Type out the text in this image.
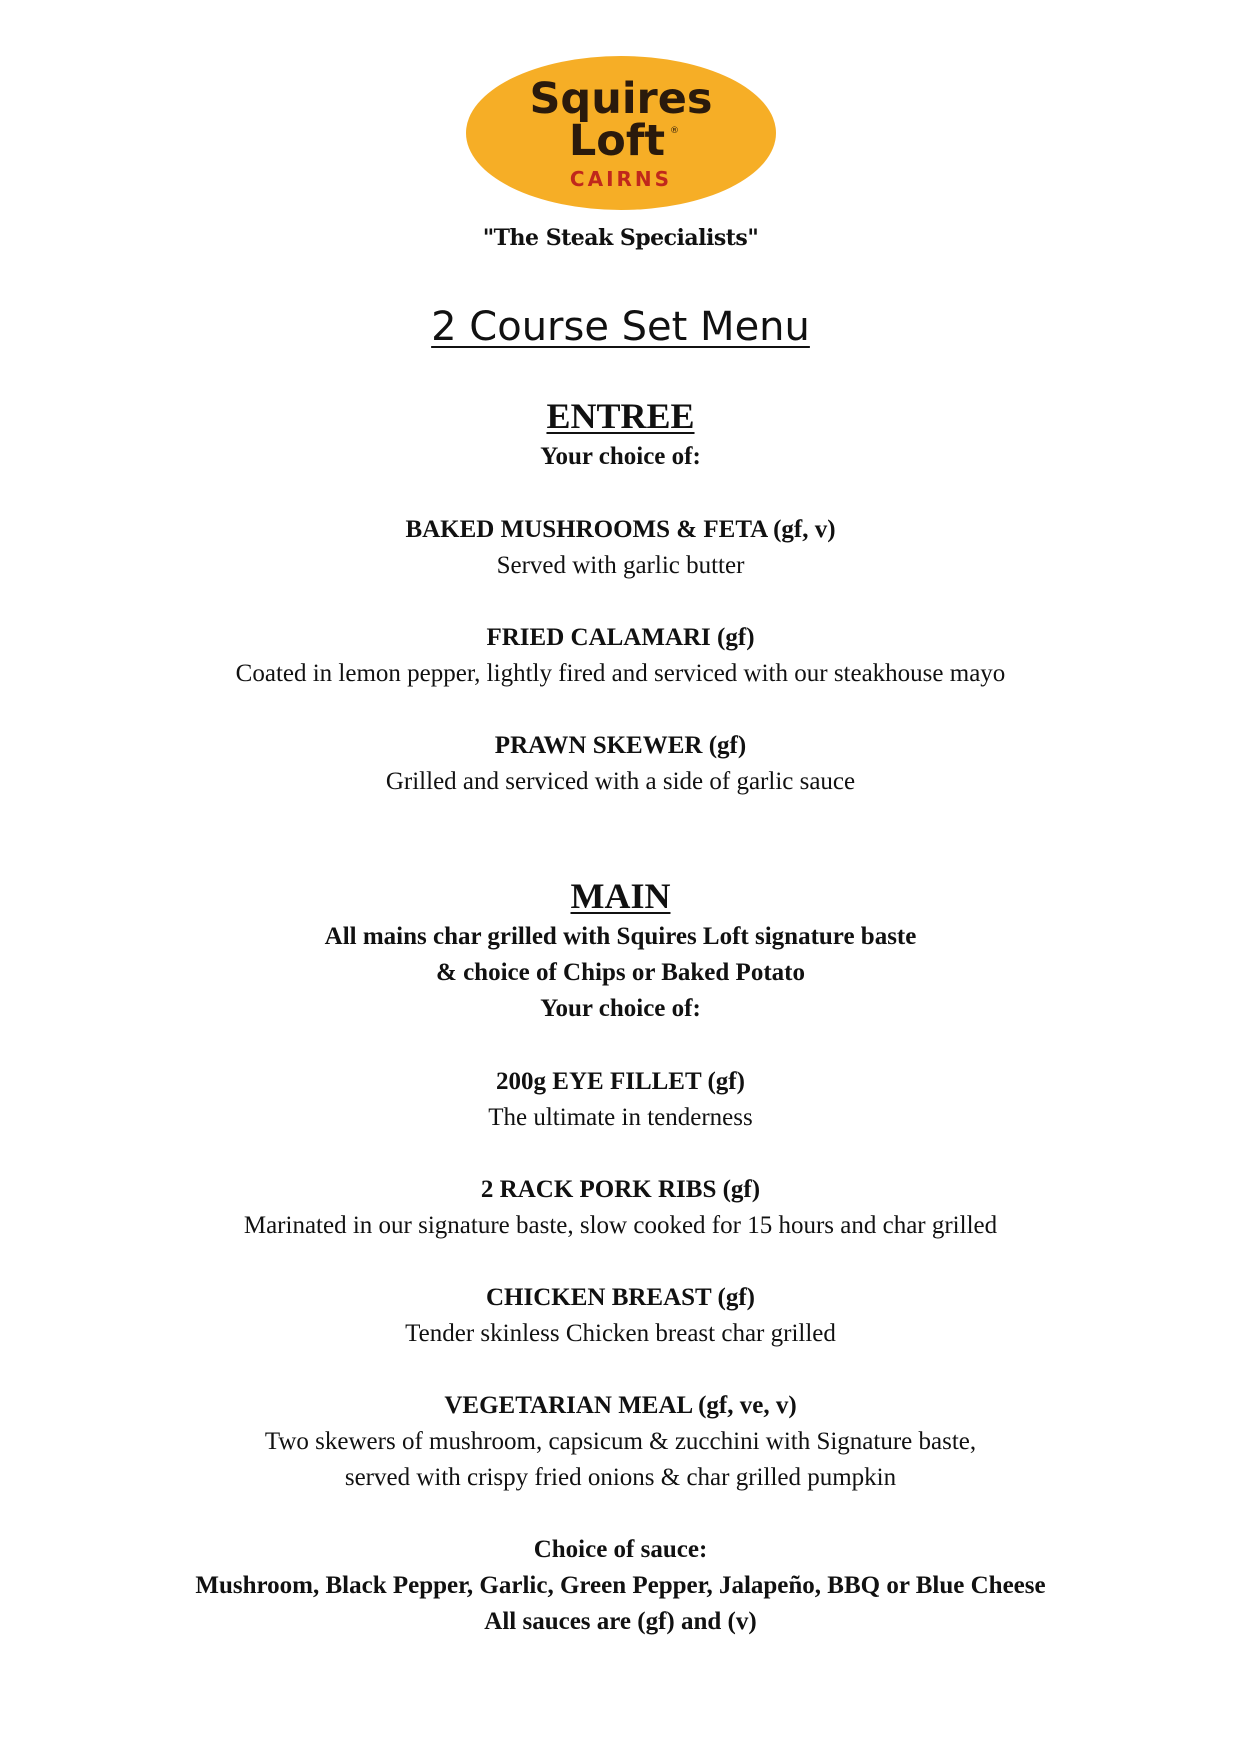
Squires
Loft ®
CAIRNS
"The Steak Specialists"
2 Course Set Menu
ENTREE
Your choice of:
BAKED MUSHROOMS & FETA (gf, v)
Served with garlic butter
FRIED CALAMARI (gf)
Coated in lemon pepper, lightly fired and serviced with our steakhouse mayo
PRAWN SKEWER (gf)
Grilled and serviced with a side of garlic sauce
MAIN
All mains char grilled with Squires Loft signature baste
& choice of Chips or Baked Potato
Your choice of:
200g EYE FILLET (gf)
The ultimate in tenderness
2 RACK PORK RIBS (gf)
Marinated in our signature baste, slow cooked for 15 hours and char grilled
CHICKEN BREAST (gf)
Tender skinless Chicken breast char grilled
VEGETARIAN MEAL (gf, ve, v)
Two skewers of mushroom, capsicum & zucchini with Signature baste,
served with crispy fried onions & char grilled pumpkin
Choice of sauce:
Mushroom, Black Pepper, Garlic, Green Pepper, Jalapeño, BBQ or Blue Cheese
All sauces are (gf) and (v)
